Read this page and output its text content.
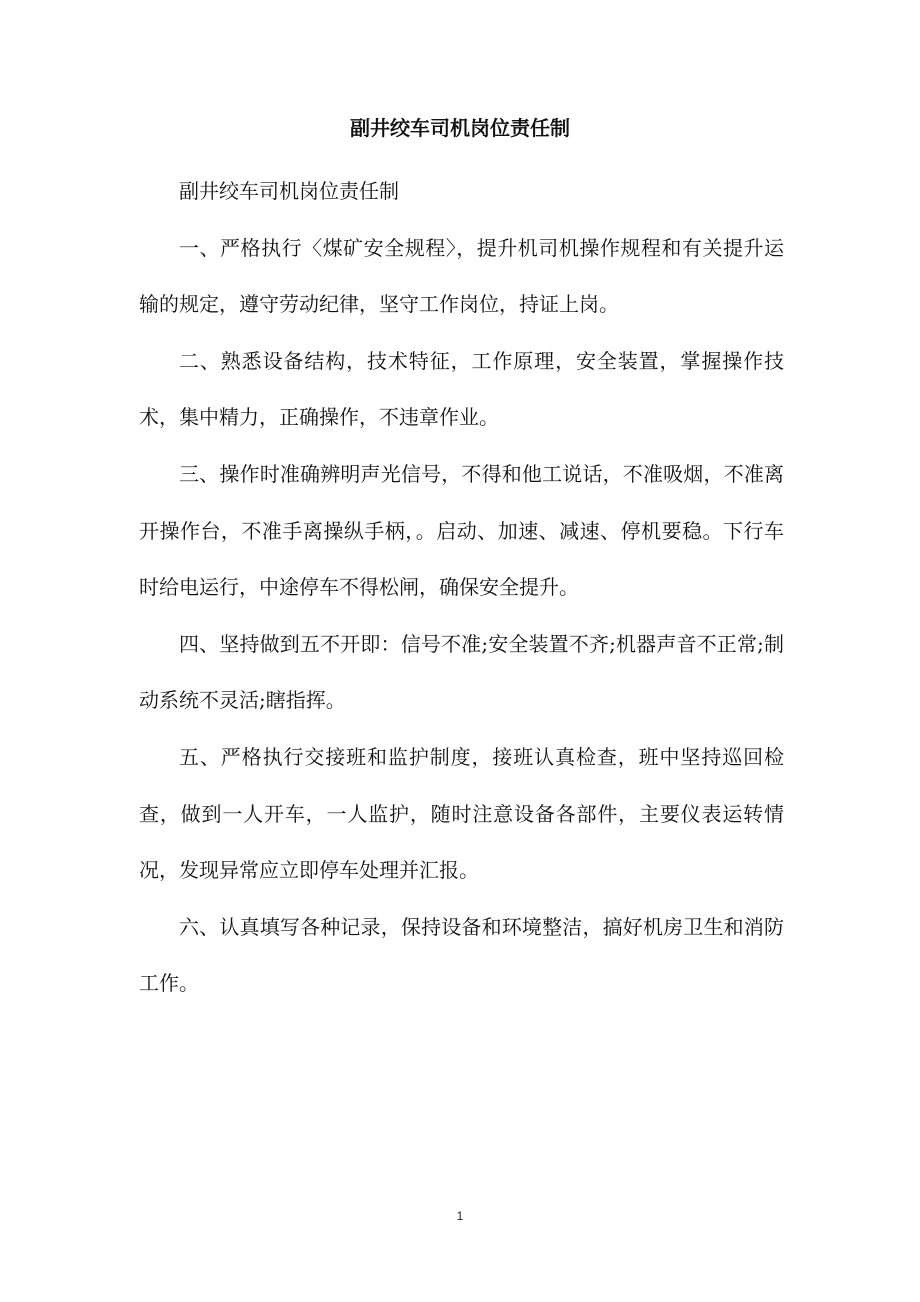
副井绞车司机岗位责任制

副井绞车司机岗位责任制

一、严格执行〈煤矿安全规程〉，提升机司机操作规程和有关提升运输的规定，遵守劳动纪律，坚守工作岗位，持证上岗。

二、熟悉设备结构，技术特征，工作原理，安全装置，掌握操作技术，集中精力，正确操作，不违章作业。

三、操作时准确辨明声光信号，不得和他工说话，不准吸烟，不准离开操作台，不准手离操纵手柄，。启动、加速、减速、停机要稳。下行车时给电运行，中途停车不得松闸，确保安全提升。

四、坚持做到五不开即：信号不准;安全装置不齐;机器声音不正常;制动系统不灵活;瞎指挥。

五、严格执行交接班和监护制度，接班认真检查，班中坚持巡回检查，做到一人开车，一人监护，随时注意设备各部件，主要仪表运转情况，发现异常应立即停车处理并汇报。

六、认真填写各种记录，保持设备和环境整洁，搞好机房卫生和消防工作。

1
